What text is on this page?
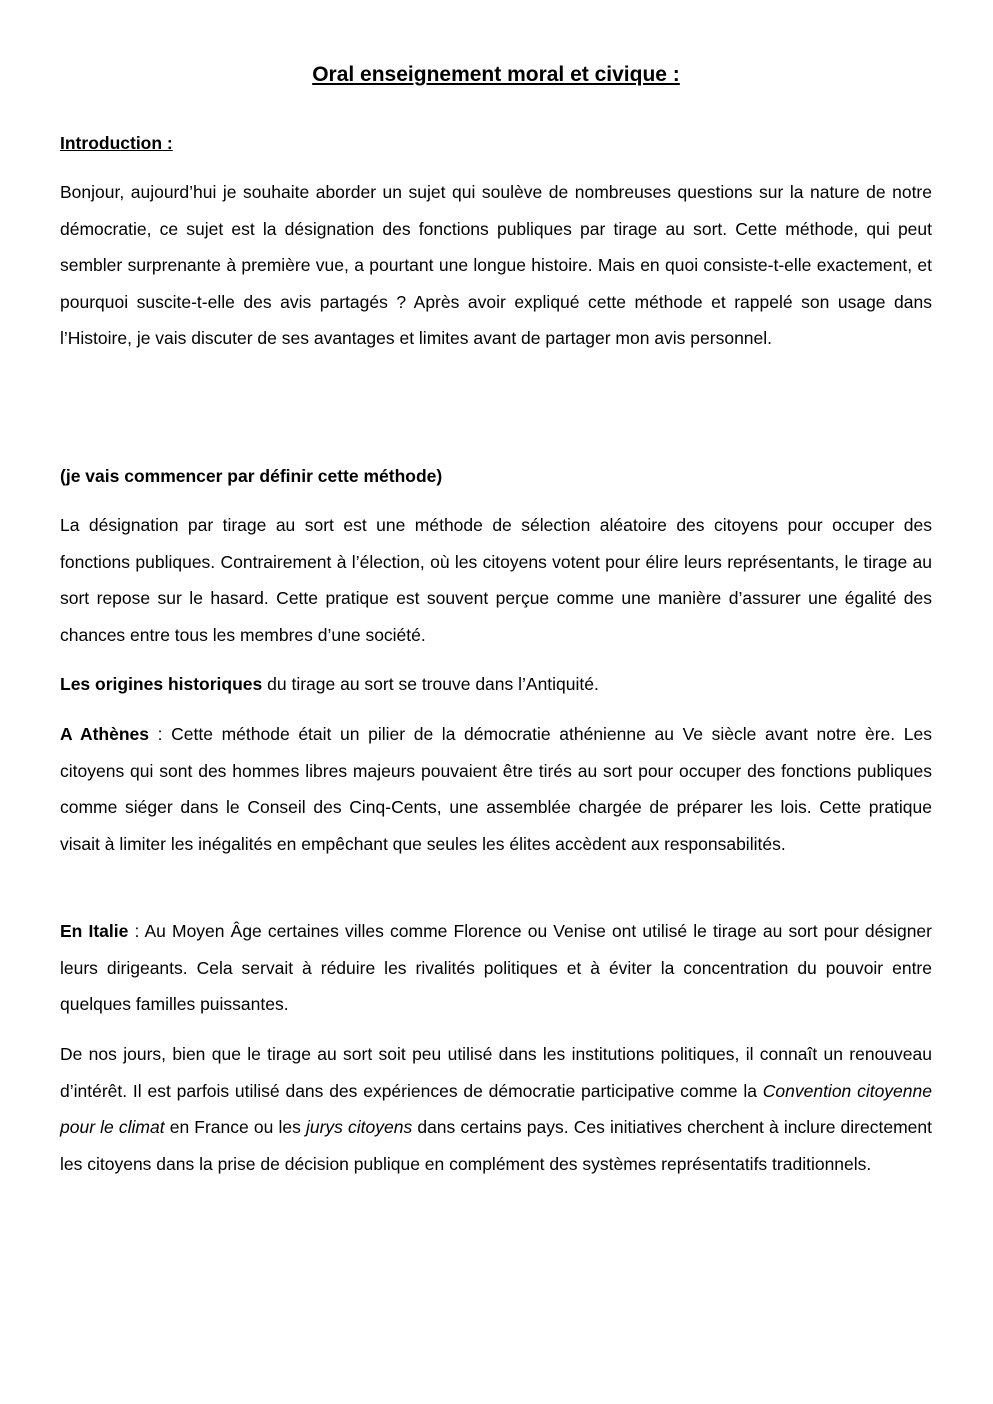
Oral enseignement moral et civique :
Introduction :

Bonjour, aujourd’hui je souhaite aborder un sujet qui soulève de nombreuses questions sur la nature de notre démocratie, ce sujet est la désignation des fonctions publiques par tirage au sort. Cette méthode, qui peut sembler surprenante à première vue, a pourtant une longue histoire. Mais en quoi consiste-t-elle exactement, et pourquoi suscite-t-elle des avis partagés ? Après avoir expliqué cette méthode et rappelé son usage dans l’Histoire, je vais discuter de ses avantages et limites avant de partager mon avis personnel.

(je vais commencer par définir cette méthode)

La désignation par tirage au sort est une méthode de sélection aléatoire des citoyens pour occuper des fonctions publiques. Contrairement à l’élection, où les citoyens votent pour élire leurs représentants, le tirage au sort repose sur le hasard. Cette pratique est souvent perçue comme une manière d’assurer une égalité des chances entre tous les membres d’une société.

Les origines historiques du tirage au sort se trouve dans l’Antiquité.

A Athènes : Cette méthode était un pilier de la démocratie athénienne au Ve siècle avant notre ère. Les citoyens qui sont des hommes libres majeurs pouvaient être tirés au sort pour occuper des fonctions publiques comme siéger dans le Conseil des Cinq-Cents, une assemblée chargée de préparer les lois. Cette pratique visait à limiter les inégalités en empêchant que seules les élites accèdent aux responsabilités.

En Italie : Au Moyen Âge certaines villes comme Florence ou Venise ont utilisé le tirage au sort pour désigner leurs dirigeants. Cela servait à réduire les rivalités politiques et à éviter la concentration du pouvoir entre quelques familles puissantes.

De nos jours, bien que le tirage au sort soit peu utilisé dans les institutions politiques, il connaît un renouveau d’intérêt. Il est parfois utilisé dans des expériences de démocratie participative comme la Convention citoyenne pour le climat en France ou les jurys citoyens dans certains pays. Ces initiatives cherchent à inclure directement les citoyens dans la prise de décision publique en complément des systèmes représentatifs traditionnels.
